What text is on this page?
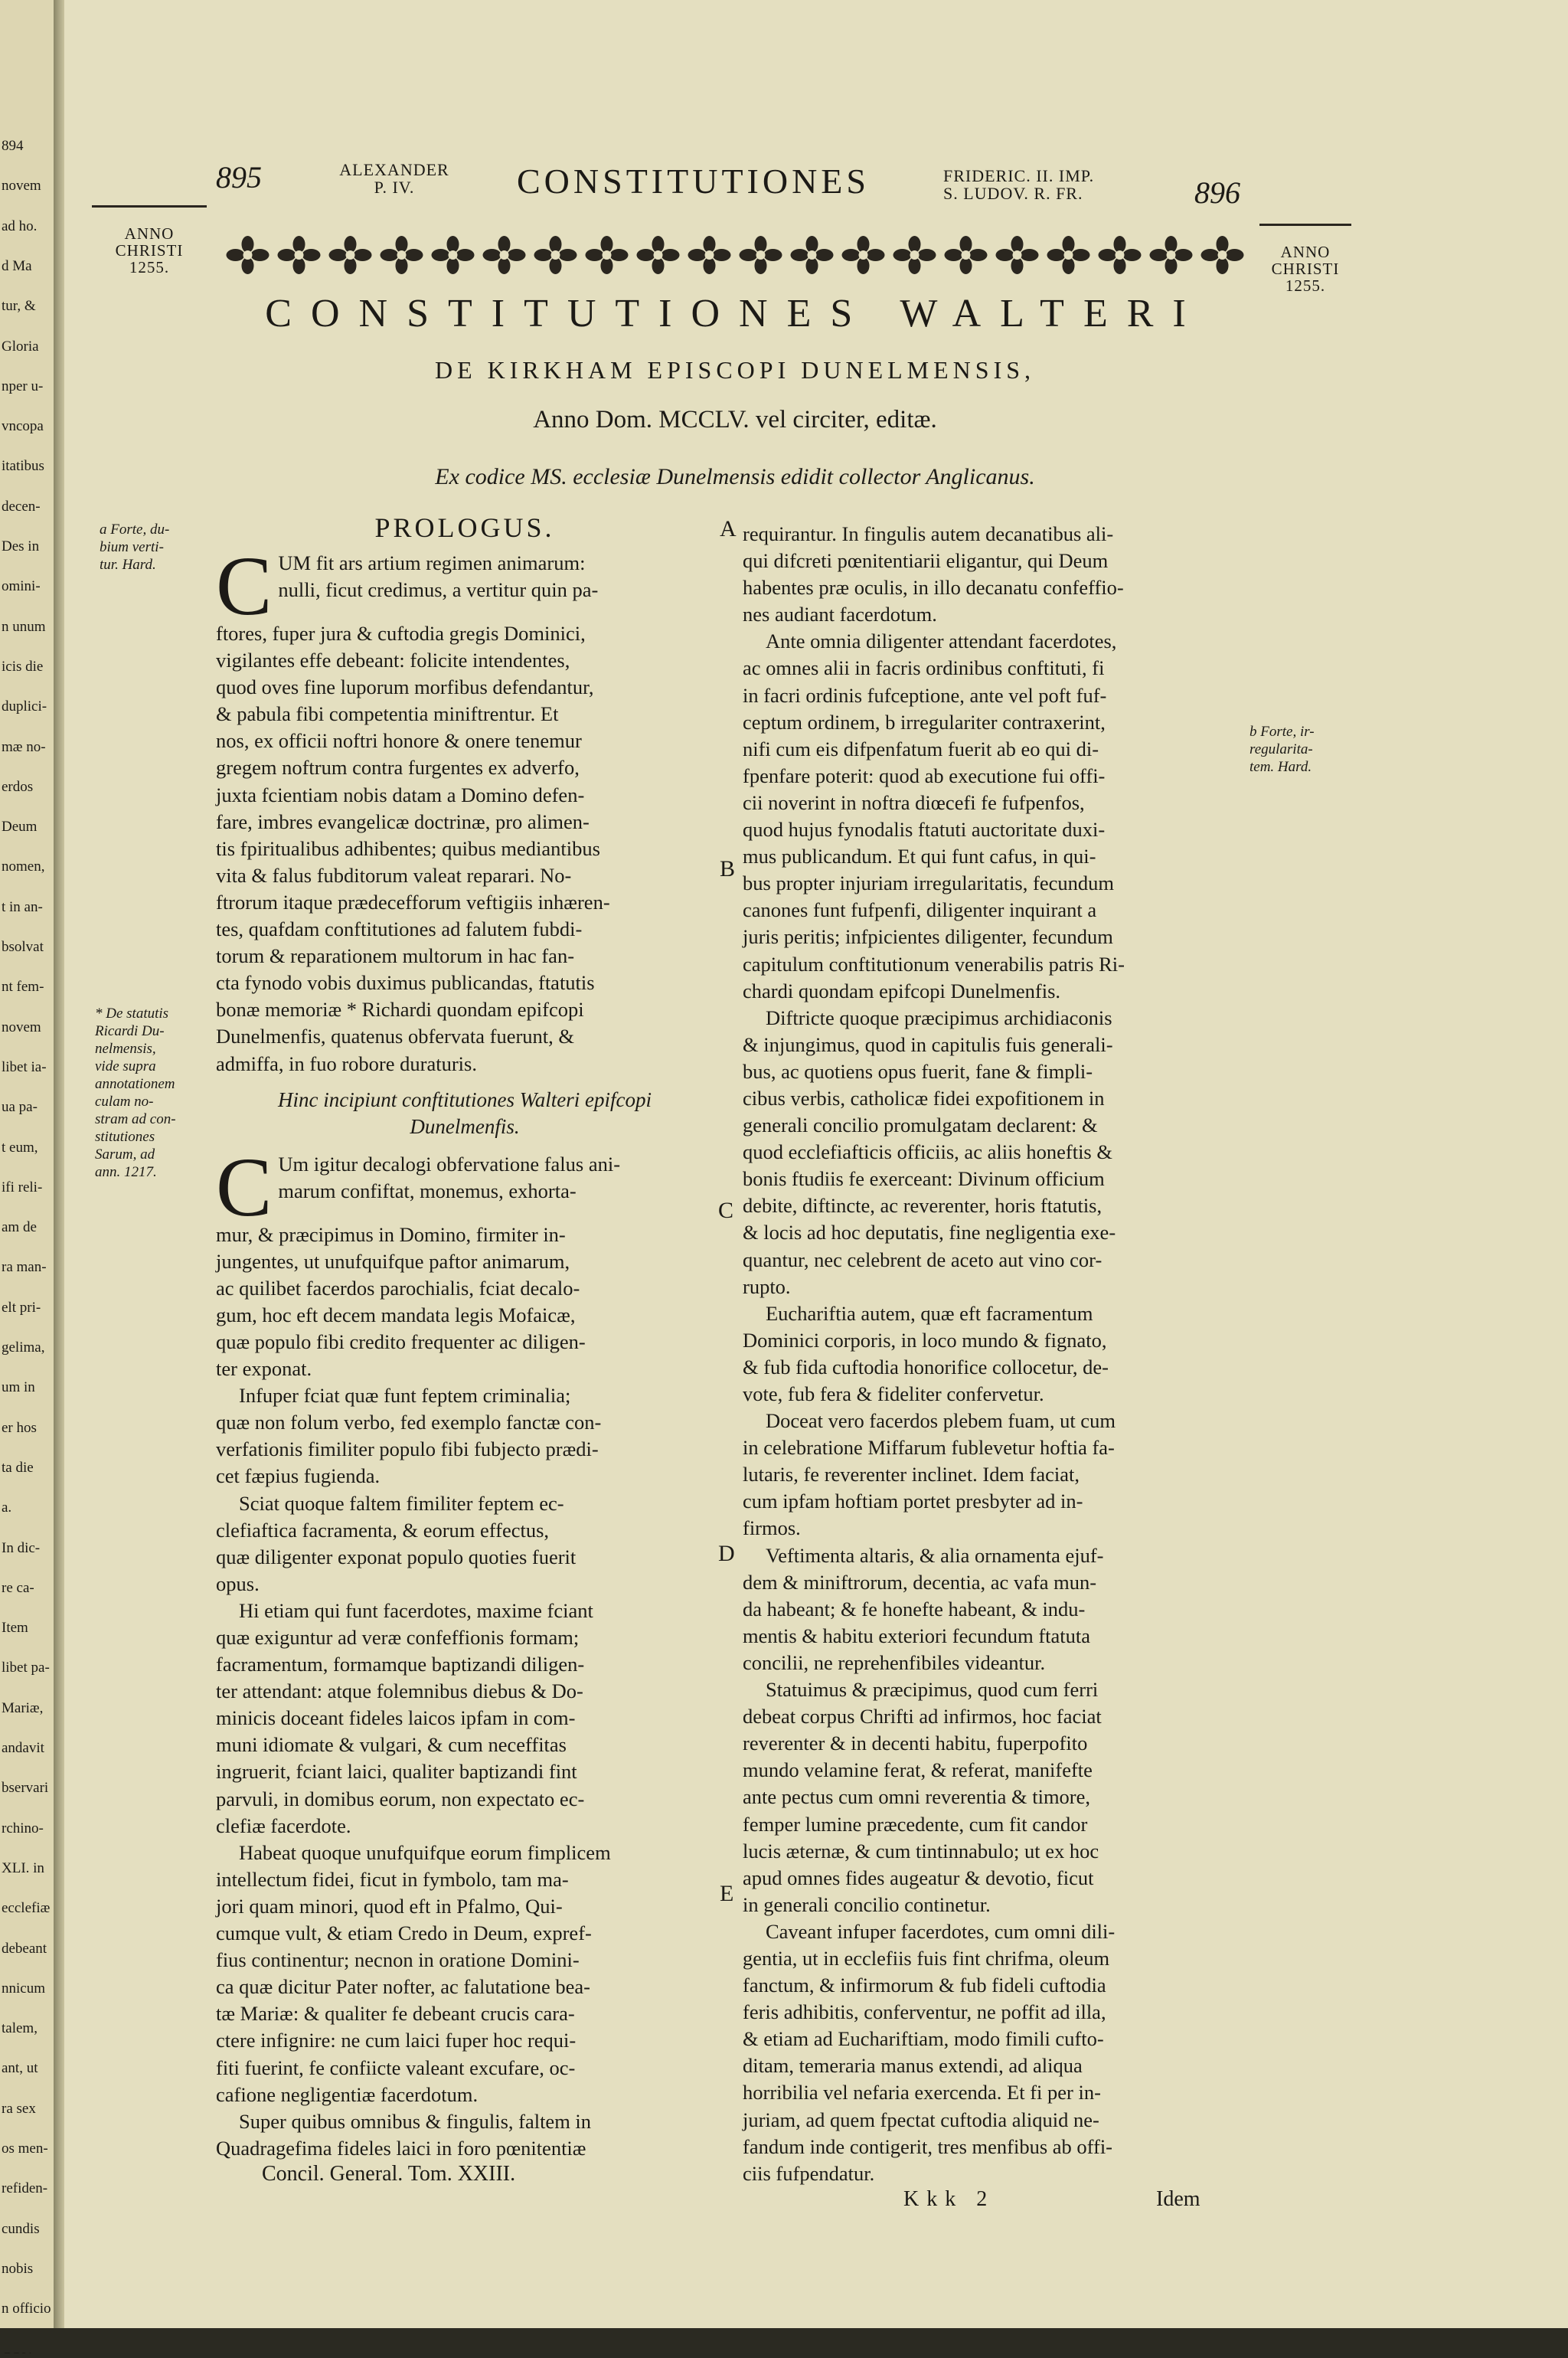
894
novem
ad ho.
d Ma
tur, &
Gloria
nper u-
vncopa
itatibus
decen-
Des in
omini-
n unum
icis die
duplici-
mæ no-
erdos
Deum
nomen,
t in an-
bsolvat
nt fem-
novem
libet ia-
ua pa-
t eum,
ifi reli-
am de
ra man-
elt pri-
gelima,
um in
er hos
ta die
a.
In dic-
re ca-
Item
libet pa-
Mariæ,
andavit
bservari
rchino-
XLI. in
ecclefiæ
debeant
nnicum
talem,
ant, ut
ra sex
os men-
refiden-
cundis
nobis
n officio
895	ALEXANDER
P. IV.	CONSTITUTIONES	FRIDERIC. II. IMP.
S. LUDOV. R. FR.	896
ANNO
CHRISTI
1255.
ANNO
CHRISTI
1255.
CONSTITUTIONES WALTERI
DE KIRKHAM EPISCOPI DUNELMENSIS,
Anno Dom. MCCLV. vel circiter, editæ.
Ex codice MS. ecclesiæ Dunelmensis edidit collector Anglicanus.
a Forte, du-
bium verti-
tur. Hard.
* De statutis
Ricardi Du-
nelmensis,
vide supra
annotationem
culam no-
stram ad con-
stitutiones
Sarum, ad
ann. 1217.
b Forte, ir-
regularita-
tem. Hard.
PROLOGUS.
C UM fit ars artium regimen animarum:

nulli, ficut credimus, a vertitur quin pa-

ftores, fuper jura & cuftodia gregis Dominici,

vigilantes effe debeant: folicite intendentes,

quod oves fine luporum morfibus defendantur,

& pabula fibi competentia miniftrentur. Et

nos, ex officii noftri honore & onere tenemur

gregem noftrum contra furgentes ex adverfo,

juxta fcientiam nobis datam a Domino defen-

fare, imbres evangelicæ doctrinæ, pro alimen-

tis fpiritualibus adhibentes; quibus mediantibus

vita & falus fubditorum valeat reparari. No-

ftrorum itaque prædecefforum veftigiis inhæren-

tes, quafdam conftitutiones ad falutem fubdi-

torum & reparationem multorum in hac fan-

cta fynodo vobis duximus publicandas, ftatutis

bonæ memoriæ * Richardi quondam epifcopi

Dunelmenfis, quatenus obfervata fuerunt, &

admiffa, in fuo robore duraturis.

Hinc incipiunt conftitutiones Walteri epifcopi
Dunelmenfis.
C Um igitur decalogi obfervatione falus ani-

marum confiftat, monemus, exhorta-

mur, & præcipimus in Domino, firmiter in-

jungentes, ut unufquifque paftor animarum,

ac quilibet facerdos parochialis, fciat decalo-

gum, hoc eft decem mandata legis Mofaicæ,

quæ populo fibi credito frequenter ac diligen-

ter exponat.

Infuper fciat quæ funt feptem criminalia;

quæ non folum verbo, fed exemplo fanctæ con-

verfationis fimiliter populo fibi fubjecto prædi-

cet fæpius fugienda.

Sciat quoque faltem fimiliter feptem ec-

clefiaftica facramenta, & eorum effectus,

quæ diligenter exponat populo quoties fuerit

opus.

Hi etiam qui funt facerdotes, maxime fciant

quæ exiguntur ad veræ confeffionis formam;

facramentum, formamque baptizandi diligen-

ter attendant: atque folemnibus diebus & Do-

minicis doceant fideles laicos ipfam in com-

muni idiomate & vulgari, & cum neceffitas

ingruerit, fciant laici, qualiter baptizandi fint

parvuli, in domibus eorum, non expectato ec-

clefiæ facerdote.

Habeat quoque unufquifque eorum fimplicem

intellectum fidei, ficut in fymbolo, tam ma-

jori quam minori, quod eft in Pfalmo, Qui-

cumque vult, & etiam Credo in Deum, expref-

fius continentur; necnon in oratione Domini-

ca quæ dicitur Pater nofter, ac falutatione bea-

tæ Mariæ: & qualiter fe debeant crucis cara-

ctere infignire: ne cum laici fuper hoc requi-

fiti fuerint, fe confiicte valeant excufare, oc-

cafione negligentiæ facerdotum.

Super quibus omnibus & fingulis, faltem in

Quadragefima fideles laici in foro pœnitentiæ

Concil. General. Tom. XXIII.
A
B
C
D
E

requirantur. In fingulis autem decanatibus ali-

qui difcreti pœnitentiarii eligantur, qui Deum

habentes præ oculis, in illo decanatu confeffio-

nes audiant facerdotum.

Ante omnia diligenter attendant facerdotes,

ac omnes alii in facris ordinibus conftituti, fi

in facri ordinis fufceptione, ante vel poft fuf-

ceptum ordinem, b irregulariter contraxerint,

nifi cum eis difpenfatum fuerit ab eo qui di-

fpenfare poterit: quod ab executione fui offi-

cii noverint in noftra diœcefi fe fufpenfos,

quod hujus fynodalis ftatuti auctoritate duxi-

mus publicandum. Et qui funt cafus, in qui-

bus propter injuriam irregularitatis, fecundum

canones funt fufpenfi, diligenter inquirant a

juris peritis; infpicientes diligenter, fecundum

capitulum conftitutionum venerabilis patris Ri-

chardi quondam epifcopi Dunelmenfis.

Diftricte quoque præcipimus archidiaconis

& injungimus, quod in capitulis fuis generali-

bus, ac quotiens opus fuerit, fane & fimpli-

cibus verbis, catholicæ fidei expofitionem in

generali concilio promulgatam declarent: &

quod ecclefiafticis officiis, ac aliis honeftis &

bonis ftudiis fe exerceant: Divinum officium

debite, diftincte, ac reverenter, horis ftatutis,

& locis ad hoc deputatis, fine negligentia exe-

quantur, nec celebrent de aceto aut vino cor-

rupto.

Euchariftia autem, quæ eft facramentum

Dominici corporis, in loco mundo & fignato,

& fub fida cuftodia honorifice collocetur, de-

vote, fub fera & fideliter confervetur.

Doceat vero facerdos plebem fuam, ut cum

in celebratione Miffarum fublevetur hoftia fa-

lutaris, fe reverenter inclinet. Idem faciat,

cum ipfam hoftiam portet presbyter ad in-

firmos.

Veftimenta altaris, & alia ornamenta ejuf-

dem & miniftrorum, decentia, ac vafa mun-

da habeant; & fe honefte habeant, & indu-

mentis & habitu exteriori fecundum ftatuta

concilii, ne reprehenfibiles videantur.

Statuimus & præcipimus, quod cum ferri

debeat corpus Chrifti ad infirmos, hoc faciat

reverenter & in decenti habitu, fuperpofito

mundo velamine ferat, & referat, manifefte

ante pectus cum omni reverentia & timore,

femper lumine præcedente, cum fit candor

lucis æternæ, & cum tintinnabulo; ut ex hoc

apud omnes fides augeatur & devotio, ficut

in generali concilio continetur.

Caveant infuper facerdotes, cum omni dili-

gentia, ut in ecclefiis fuis fint chrifma, oleum

fanctum, & infirmorum & fub fideli cuftodia

feris adhibitis, conferventur, ne poffit ad illa,

& etiam ad Euchariftiam, modo fimili cufto-

ditam, temeraria manus extendi, ad aliqua

horribilia vel nefaria exercenda. Et fi per in-

juriam, ad quem fpectat cuftodia aliquid ne-

fandum inde contigerit, tres menfibus ab offi-

ciis fufpendatur.

Kkk 2	Idem
